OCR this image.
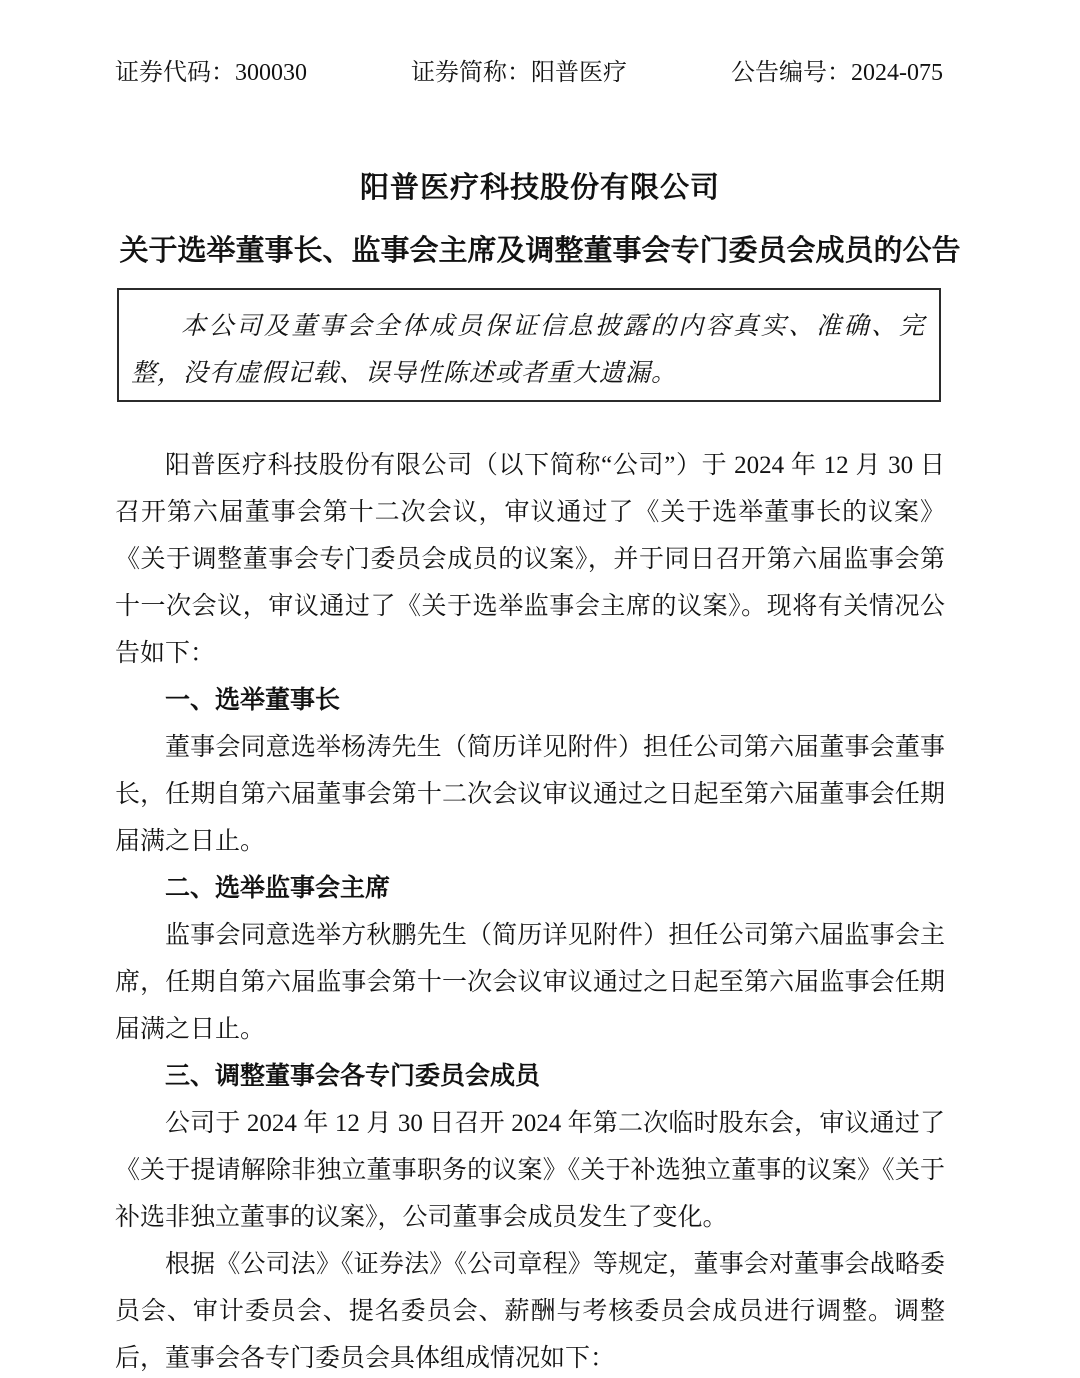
证券代码：300030	证券简称：阳普医疗	公告编号：2024-075
阳普医疗科技股份有限公司
关于选举董事长、监事会主席及调整董事会专门委员会成员的公告
本公司及董事会全体成员保证信息披露的内容真实、准确、完整，没有虚假记载、误导性陈述或者重大遗漏。

阳普医疗科技股份有限公司（以下简称“公司”）于 2024 年 12 月 30 日召开第六届董事会第十二次会议，审议通过了《关于选举董事长的议案》《关于调整董事会专门委员会成员的议案》，并于同日召开第六届监事会第十一次会议，审议通过了《关于选举监事会主席的议案》。现将有关情况公告如下：

一、选举董事长

董事会同意选举杨涛先生（简历详见附件）担任公司第六届董事会董事长，任期自第六届董事会第十二次会议审议通过之日起至第六届董事会任期届满之日止。

二、选举监事会主席

监事会同意选举方秋鹏先生（简历详见附件）担任公司第六届监事会主席，任期自第六届监事会第十一次会议审议通过之日起至第六届监事会任期届满之日止。

三、调整董事会各专门委员会成员

公司于 2024 年 12 月 30 日召开 2024 年第二次临时股东会，审议通过了《关于提请解除非独立董事职务的议案》《关于补选独立董事的议案》《关于补选非独立董事的议案》，公司董事会成员发生了变化。

根据《公司法》《证券法》《公司章程》等规定，董事会对董事会战略委员会、审计委员会、提名委员会、薪酬与考核委员会成员进行调整。调整后，董事会各专门委员会具体组成情况如下：
